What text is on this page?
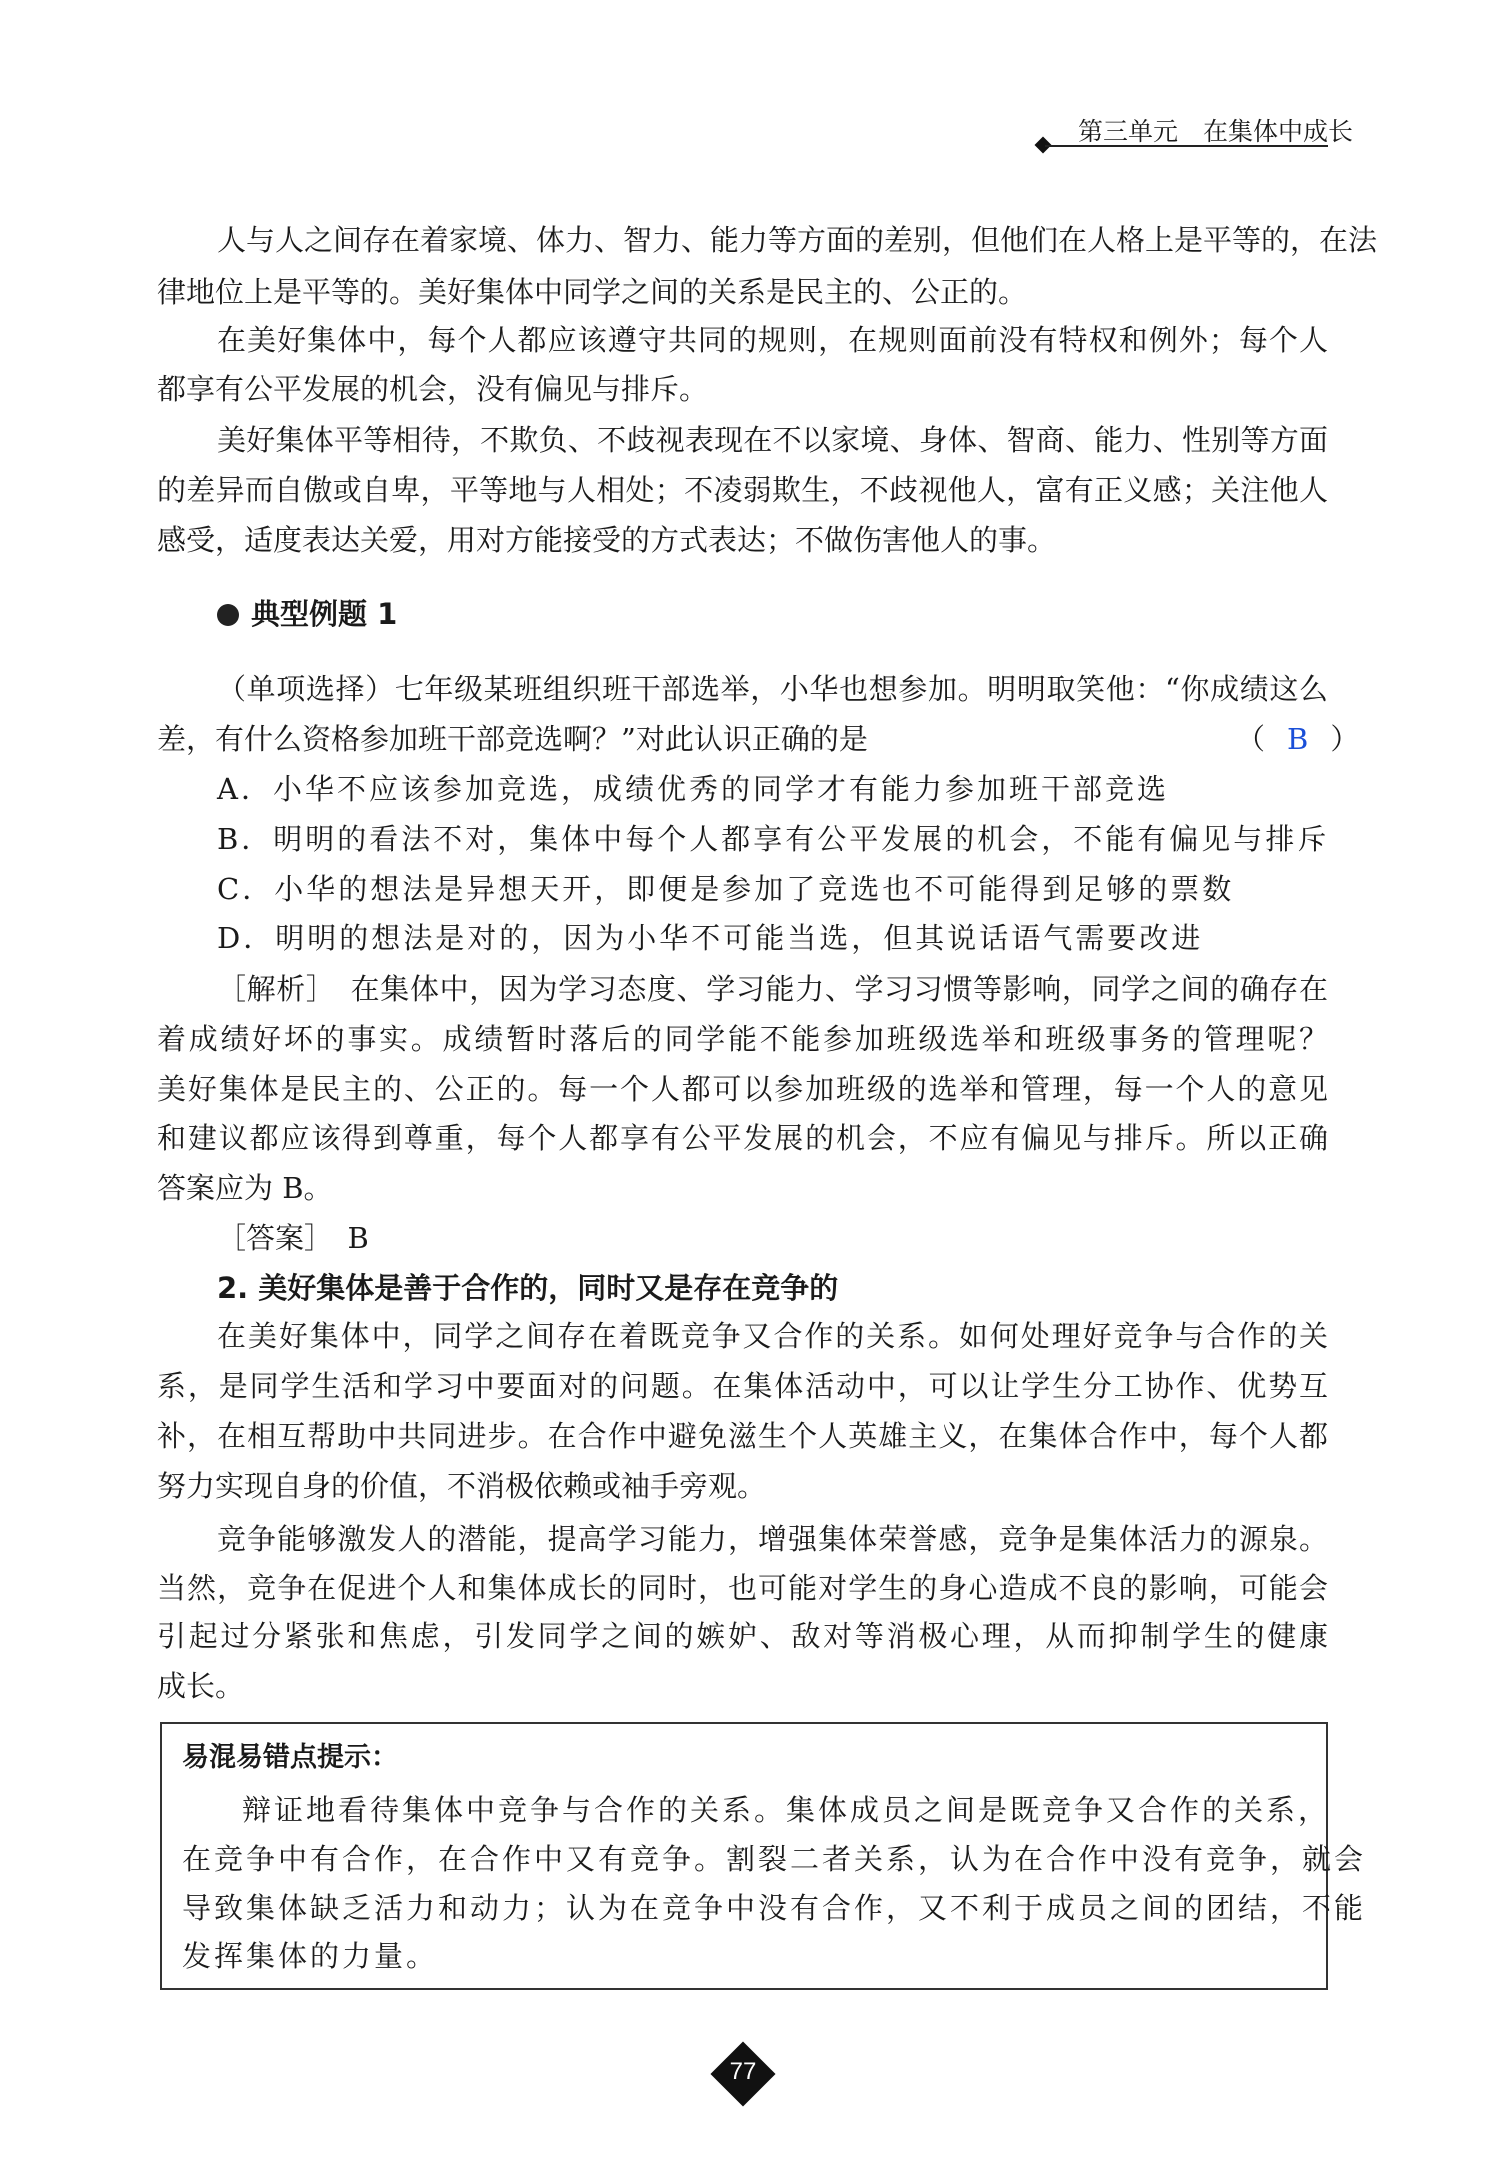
第三单元  在集体中成长
人与人之间存在着家境、体力、智力、能力等方面的差别，但他们在人格上是平等的，在法
律地位上是平等的。美好集体中同学之间的关系是民主的、公正的。
在美好集体中，每个人都应该遵守共同的规则，在规则面前没有特权和例外；每个人
都享有公平发展的机会，没有偏见与排斥。
美好集体平等相待，不欺负、不歧视表现在不以家境、身体、智商、能力、性别等方面
的差异而自傲或自卑，平等地与人相处；不凌弱欺生，不歧视他人，富有正义感；关注他人
感受，适度表达关爱，用对方能接受的方式表达；不做伤害他人的事。
典型例题 1
（单项选择）七年级某班组织班干部选举，小华也想参加。明明取笑他：“你成绩这么
差，有什么资格参加班干部竞选啊？”对此认识正确的是	（ B ）
A．小华不应该参加竞选，成绩优秀的同学才有能力参加班干部竞选
B．明明的看法不对，集体中每个人都享有公平发展的机会，不能有偏见与排斥
C．小华的想法是异想天开，即便是参加了竞选也不可能得到足够的票数
D．明明的想法是对的，因为小华不可能当选，但其说话语气需要改进
［解析］　在集体中，因为学习态度、学习能力、学习习惯等影响，同学之间的确存在
着成绩好坏的事实。成绩暂时落后的同学能不能参加班级选举和班级事务的管理呢？
美好集体是民主的、公正的。每一个人都可以参加班级的选举和管理，每一个人的意见
和建议都应该得到尊重，每个人都享有公平发展的机会，不应有偏见与排斥。所以正确
答案应为 B。
［答案］　B
2. 美好集体是善于合作的，同时又是存在竞争的
在美好集体中，同学之间存在着既竞争又合作的关系。如何处理好竞争与合作的关
系，是同学生活和学习中要面对的问题。在集体活动中，可以让学生分工协作、优势互
补，在相互帮助中共同进步。在合作中避免滋生个人英雄主义，在集体合作中，每个人都
努力实现自身的价值，不消极依赖或袖手旁观。
竞争能够激发人的潜能，提高学习能力，增强集体荣誉感，竞争是集体活力的源泉。
当然，竞争在促进个人和集体成长的同时，也可能对学生的身心造成不良的影响，可能会
引起过分紧张和焦虑，引发同学之间的嫉妒、敌对等消极心理，从而抑制学生的健康
成长。
易混易错点提示：
辩证地看待集体中竞争与合作的关系。集体成员之间是既竞争又合作的关系，
在竞争中有合作，在合作中又有竞争。割裂二者关系，认为在合作中没有竞争，就会
导致集体缺乏活力和动力；认为在竞争中没有合作，又不利于成员之间的团结，不能
发挥集体的力量。
77
